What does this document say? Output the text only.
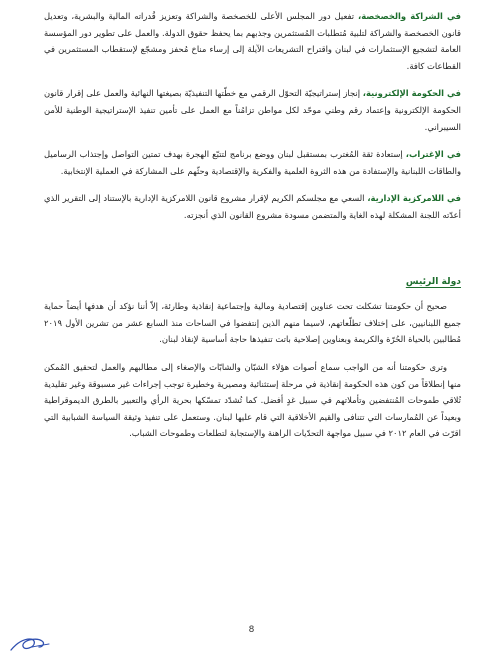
في الشراكة والخصخصة، تفعيل دور المجلس الأعلى للخصخصة والشراكة وتعزيز قُدراته المالية والبشرية، وتعديل قانون الخصخصة والشراكة لتلبية مُتطلبات المُستثمرين وجذبهم بما يحفظ حقوق الدولة. والعمل على تطوير دور المؤسسة العامة لتشجيع الإستثمارات في لبنان واقتراح التشريعات الآيلة إلى إرساء مناخ مُحفز ومشجّع لإستقطاب المستثمرين في القطاعات كافة.

في الحكومة الإلكترونية، إنجاز إستراتيجيّة التحوّل الرقمي مع خطّتها التنفيذيّة بصيغتها النهائية والعمل على إقرار قانون الحكومة الإلكترونية وإعتماد رقم وطني موحّد لكل مواطن تزامُناً مع العمل على تأمين تنفيذ الإستراتيجية الوطنية للأمن السيبراني.

في الإغتراب، إستعادة ثقة المُغترب بمستقبل لبنان ووضع برنامج لتتبّع الهجرة بهدف تمتين التواصل وإجتذاب الرساميل والطاقات اللبنانية والإستفادة من هذه الثروة العلمية والفكرية والإقتصادية وحثّهم على المشاركة في العملية الإنتخابية.

في اللامركزية الإدارية، السعي مع مجلسكم الكريم لإقرار مشروع قانون اللامركزية الإدارية بالإستناد إلى التقرير الذي أعدّته اللجنة المشكلة لهذه الغاية والمتضمن مسودة مشروع القانون الذي أنجزته.

دولة الرئيس

صحيح أن حكومتنا تشكلت تحت عناوين إقتصادية ومالية وإجتماعية إنقاذية وطارئة، إلاّ أننا نؤكد أن هدفها أيضاً حماية جميع اللبنانيين، على إختلاف تطلّعاتهم، لاسيما منهم الذين إنتفضوا في الساحات منذ السابع عشر من تشرين الأول ٢٠١٩ مُطالبين بالحياة الحُرّة والكريمة وبعناوين إصلاحية باتت تنفيذها حاجة أساسية لإنقاذ لبنان.

وترى حكومتنا أنه من الواجب سماع أصوات هؤلاء الشبّان والشابّات والإصغاء إلى مطالبهم والعمل لتحقيق المُمكن منها إنطلاقاً من كون هذه الحكومة إنقاذية في مرحلة إستثنائية ومصيرية وخطيرة توجب إجراءات غير مسبوقة وغير تقليدية تُلاقي طموحات المُنتفضين وتأملاتهم في سبيل غدٍ أفضل. كما تُشدّد تمسّكها بحرية الرأي والتعبير بالطرق الديموقراطية وبعيداً عن المُمارسات التي تتنافى والقيم الأخلاقية التي قام عليها لبنان. وستعمل على تنفيذ وثيقة السياسة الشبابية التي اقرّت في العام ٢٠١٢ في سبيل مواجهة التحدّيات الراهنة والإستجابة لتطلعات وطموحات الشباب.

8
